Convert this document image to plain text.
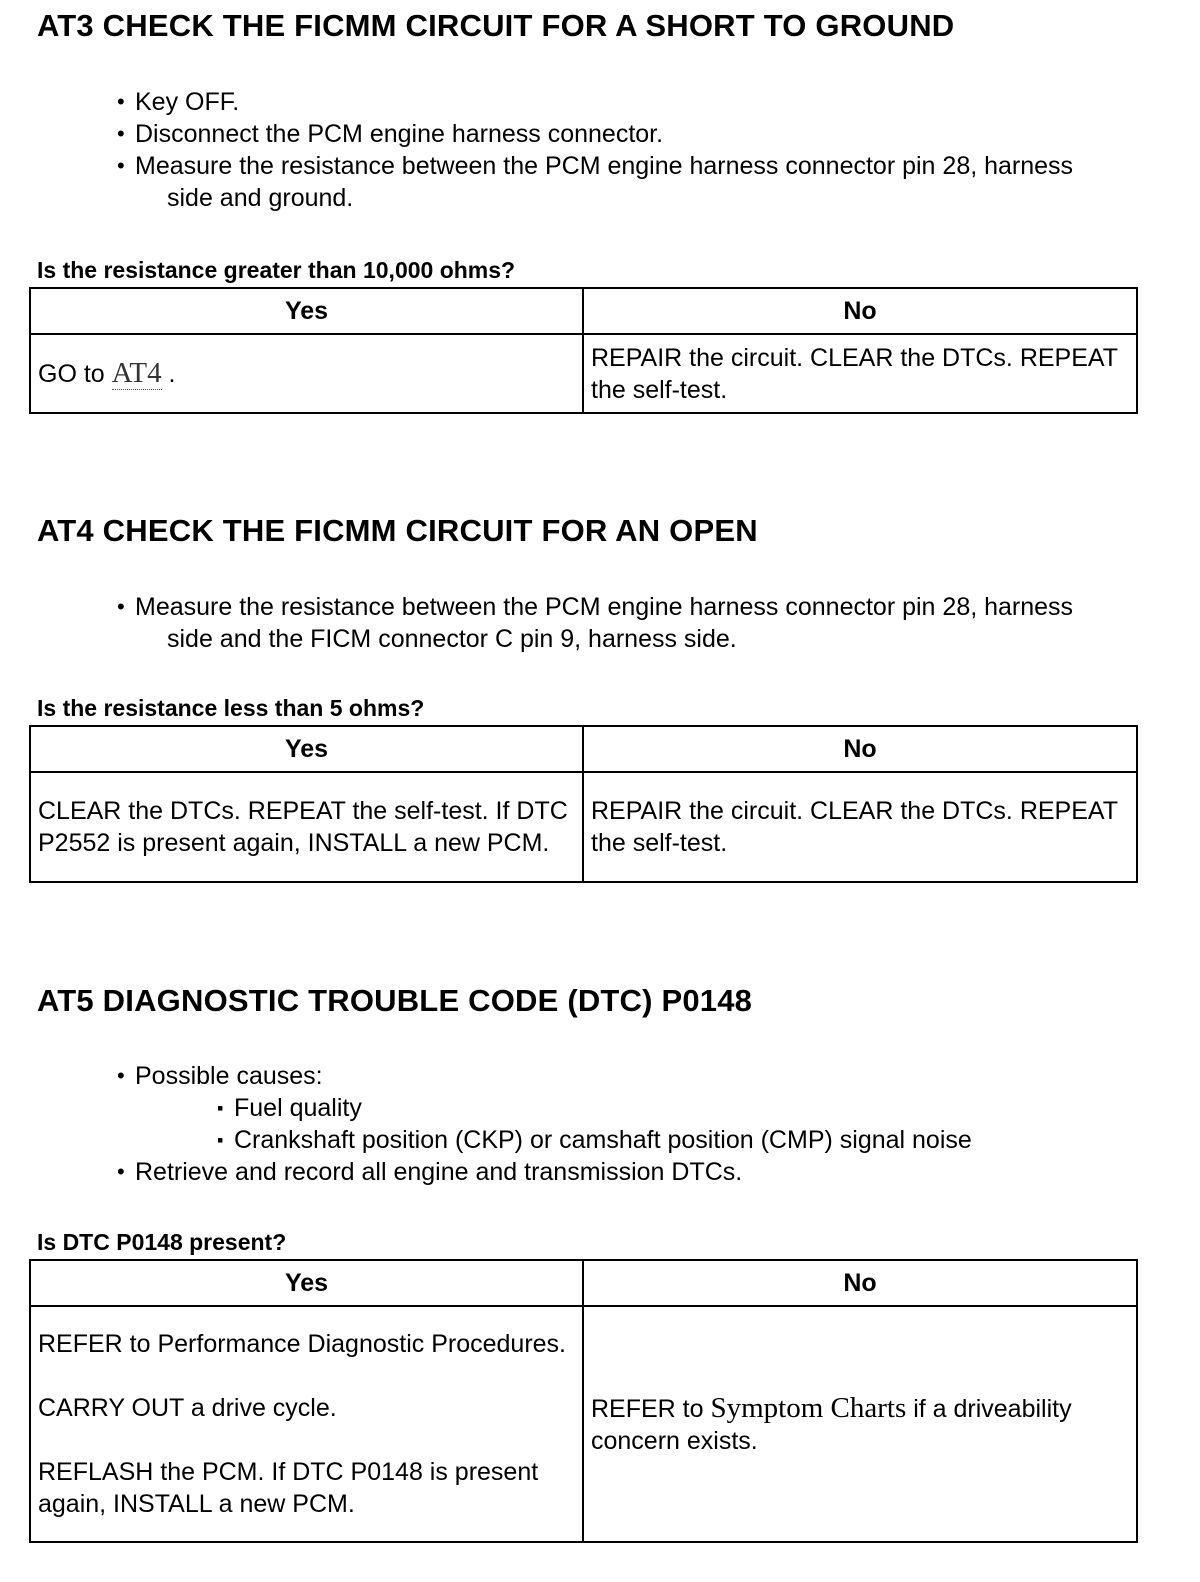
AT3 CHECK THE FICMM CIRCUIT FOR A SHORT TO GROUND
• Key OFF.
• Disconnect the PCM engine harness connector.
• Measure the resistance between the PCM engine harness connector pin 28, harness
side and ground.
Is the resistance greater than 10,000 ohms?
Yes	No
GO to AT4 .	REPAIR the circuit. CLEAR the DTCs. REPEAT the self-test.
AT4 CHECK THE FICMM CIRCUIT FOR AN OPEN
• Measure the resistance between the PCM engine harness connector pin 28, harness
side and the FICM connector C pin 9, harness side.
Is the resistance less than 5 ohms?
Yes	No
CLEAR the DTCs. REPEAT the self-test. If DTC P2552 is present again, INSTALL a new PCM.	REPAIR the circuit. CLEAR the DTCs. REPEAT the self-test.
AT5 DIAGNOSTIC TROUBLE CODE (DTC) P0148
• Possible causes:
▪ Fuel quality
▪ Crankshaft position (CKP) or camshaft position (CMP) signal noise
• Retrieve and record all engine and transmission DTCs.
Is DTC P0148 present?
Yes	No

REFER to Performance Diagnostic Procedures.
CARRY OUT a drive cycle.
REFLASH the PCM. If DTC P0148 is present again, INSTALL a new PCM.	REFER to Symptom Charts if a driveability concern exists.
